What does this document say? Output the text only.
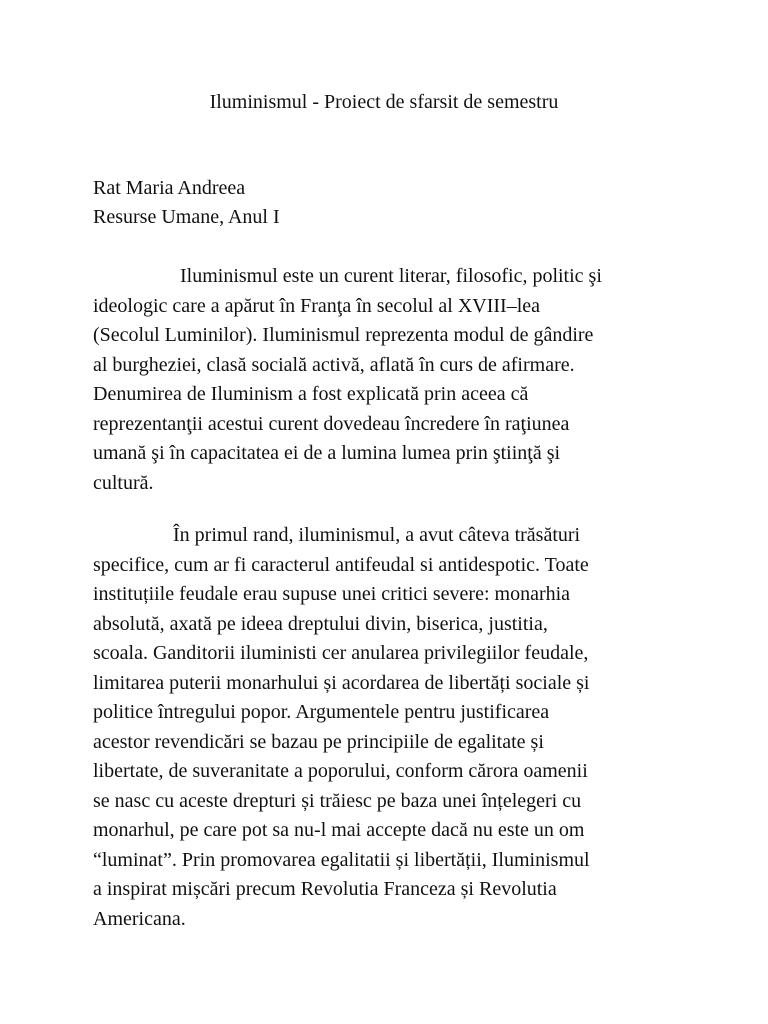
Iluminismul - Proiect de sfarsit de semestru
Rat Maria Andreea
Resurse Umane, Anul I
Iluminismul este un curent literar, filosofic, politic şi
ideologic care a apărut în Franţa în secolul al XVIII–lea
(Secolul Luminilor). Iluminismul reprezenta modul de gândire
al burgheziei, clasă socială activă, aflată în curs de afirmare.
Denumirea de Iluminism a fost explicată prin aceea că
reprezentanţii acestui curent dovedeau încredere în raţiunea
umană şi în capacitatea ei de a lumina lumea prin ştiinţă şi
cultură.
În primul rand, iluminismul, a avut câteva trăsături
specifice, cum ar fi caracterul antifeudal si antidespotic. Toate
instituțiile feudale erau supuse unei critici severe: monarhia
absolută, axată pe ideea dreptului divin, biserica, justitia,
scoala. Ganditorii iluministi cer anularea privilegiilor feudale,
limitarea puterii monarhului și acordarea de libertăți sociale și
politice întregului popor. Argumentele pentru justificarea
acestor revendicări se bazau pe principiile de egalitate și
libertate, de suveranitate a poporului, conform cărora oamenii
se nasc cu aceste drepturi și trăiesc pe baza unei înțelegeri cu
monarhul, pe care pot sa nu-l mai accepte dacă nu este un om
“luminat”. Prin promovarea egalitatii și libertății, Iluminismul
a inspirat mișcări precum Revolutia Franceza și Revolutia
Americana.
